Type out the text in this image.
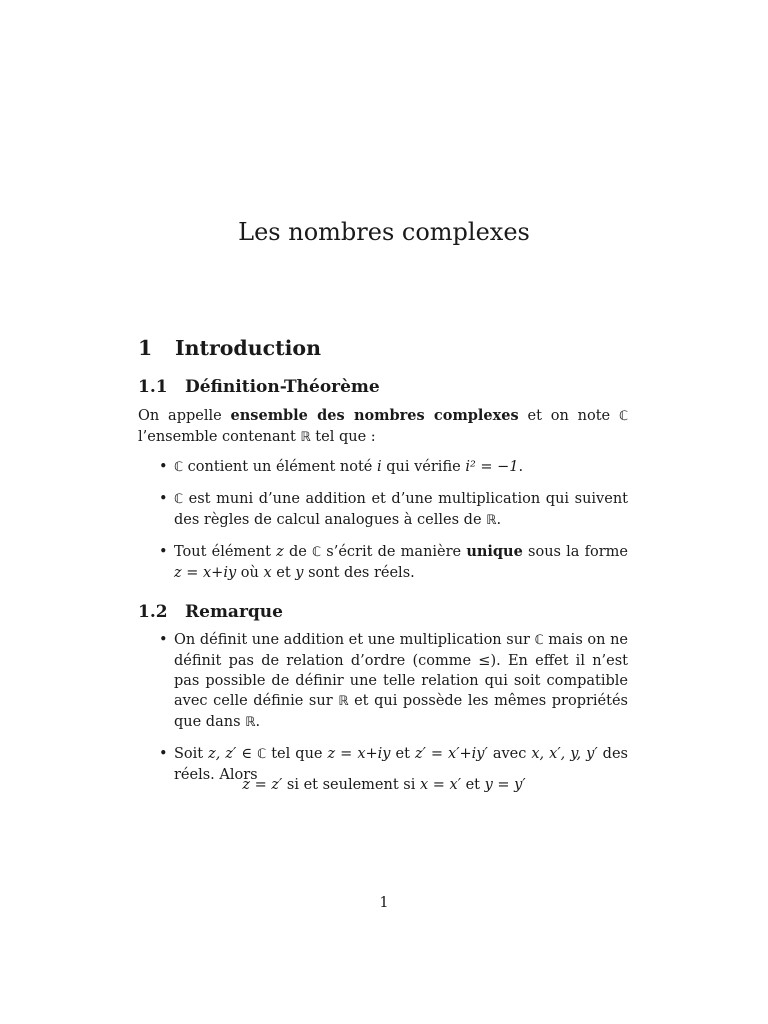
Les nombres complexes
1 Introduction
1.1 Définition-Théorème
On appelle ensemble des nombres complexes et on note ℂ l’ensemble contenant ℝ tel que :
• ℂ contient un élément noté i qui vérifie i² = −1.
• ℂ est muni d’une addition et d’une multiplication qui suivent des règles de calcul analogues à celles de ℝ.
• Tout élément z de ℂ s’écrit de manière unique sous la forme z = x+iy où x et y sont des réels.
1.2 Remarque
• On définit une addition et une multiplication sur ℂ mais on ne définit pas de relation d’ordre (comme ≤). En effet il n’est pas possible de définir une telle relation qui soit compatible avec celle définie sur ℝ et qui possède les mêmes propriétés que dans ℝ.
• Soit z, z′ ∈ ℂ tel que z = x+iy et z′ = x′+iy′ avec x, x′, y, y′ des réels. Alors
z = z′ si et seulement si x = x′ et y = y′
1
